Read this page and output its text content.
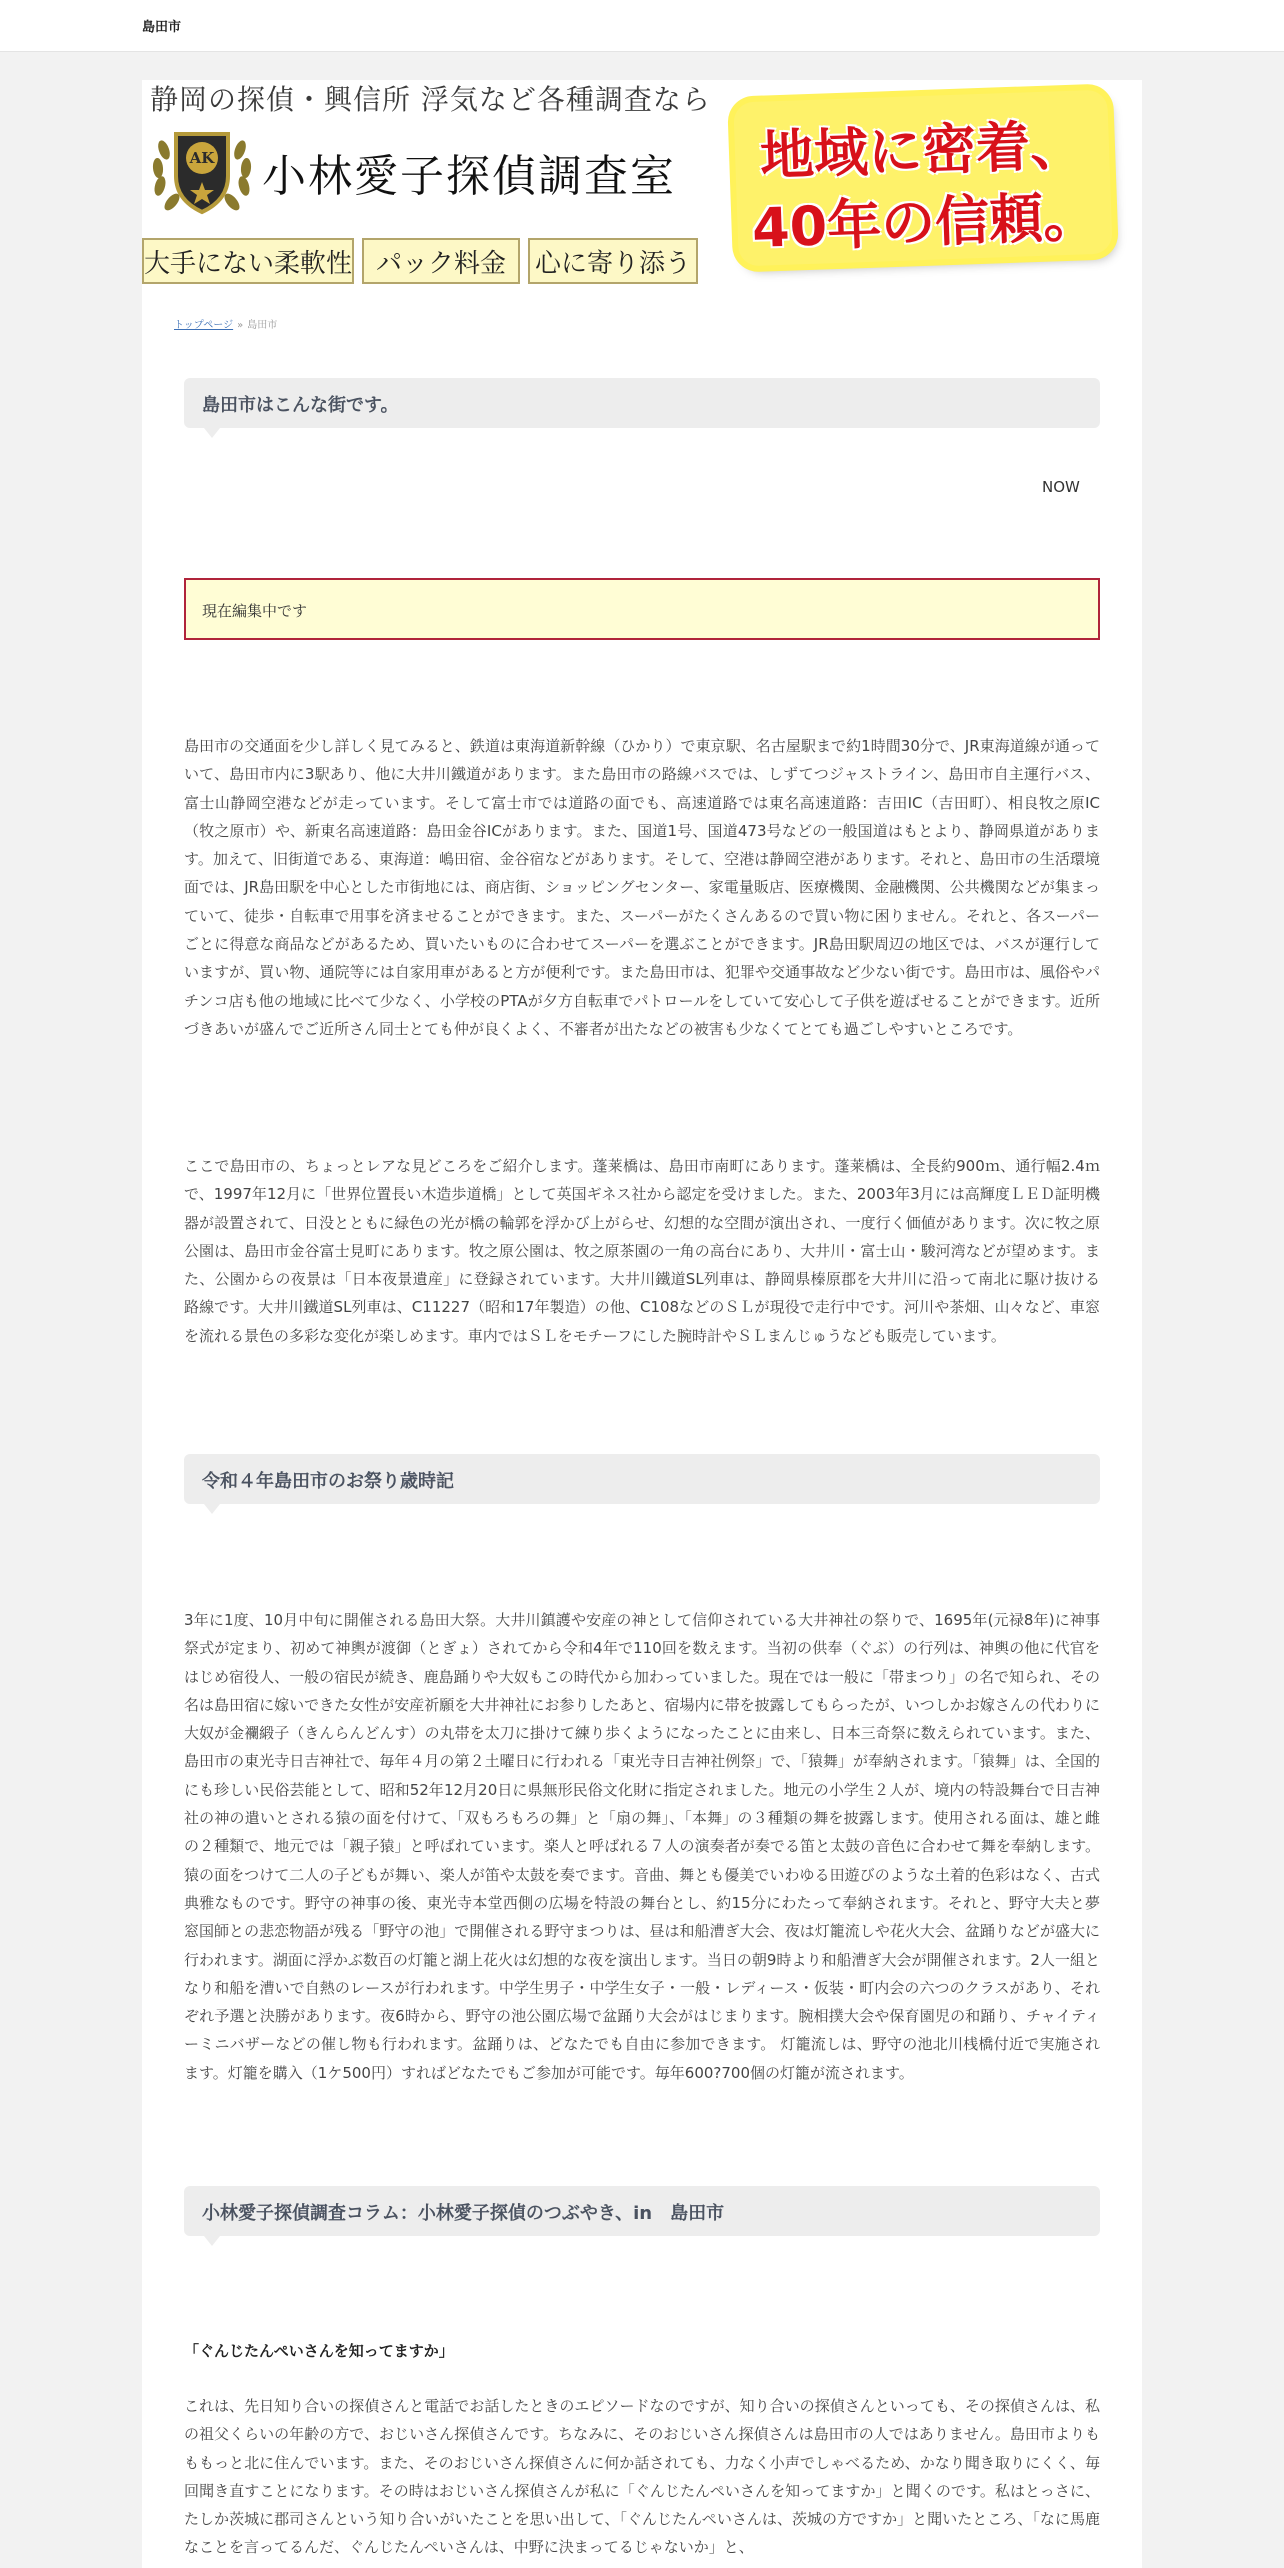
島田市
静岡の探偵・興信所 浮気など各種調査なら
AK 小林愛子探偵調査室
大手にない柔軟性 パック料金	心に寄り添う
地域に密着、
40年の信頼。
トップページ » 島田市
島田市はこんな街です。
NOW
現在編集中です

島田市の交通面を少し詳しく見てみると、鉄道は東海道新幹線（ひかり）で東京駅、名古屋駅まで約1時間30分で、JR東海道線が通っていて、島田市内に3駅あり、他に大井川鐵道があります。また島田市の路線バスでは、しずてつジャストライン、島田市自主運行バス、富士山静岡空港などが走っています。そして富士市では道路の面でも、高速道路では東名高速道路：吉田IC（吉田町）、相良牧之原IC（牧之原市）や、新東名高速道路：島田金谷ICがあります。また、国道1号、国道473号などの一般国道はもとより、静岡県道があります。加えて、旧街道である、東海道：嶋田宿、金谷宿などがあります。そして、空港は静岡空港があります。それと、島田市の生活環境面では、JR島田駅を中心とした市街地には、商店街、ショッピングセンター、家電量販店、医療機関、金融機関、公共機関などが集まっていて、徒歩・自転車で用事を済ませることができます。また、スーパーがたくさんあるので買い物に困りません。それと、各スーパーごとに得意な商品などがあるため、買いたいものに合わせてスーパーを選ぶことができます。JR島田駅周辺の地区では、バスが運行していますが、買い物、通院等には自家用車があると方が便利です。また島田市は、犯罪や交通事故など少ない街です。島田市は、風俗やパチンコ店も他の地域に比べて少なく、小学校のPTAが夕方自転車でパトロールをしていて安心して子供を遊ばせることができます。近所づきあいが盛んでご近所さん同士とても仲が良くよく、不審者が出たなどの被害も少なくてとても過ごしやすいところです。

ここで島田市の、ちょっとレアな見どころをご紹介します。蓬莱橋は、島田市南町にあります。蓬莱橋は、全長約900ｍ、通行幅2.4ｍで、1997年12月に「世界位置長い木造歩道橋」として英国ギネス社から認定を受けました。また、2003年3月には高輝度ＬＥＤ証明機器が設置されて、日没とともに緑色の光が橋の輪郭を浮かび上がらせ、幻想的な空間が演出され、一度行く価値があります。次に牧之原公園は、島田市金谷富士見町にあります。牧之原公園は、牧之原茶園の一角の高台にあり、大井川・富士山・駿河湾などが望めます。また、公園からの夜景は「日本夜景遺産」に登録されています。大井川鐵道SL列車は、静岡県榛原郡を大井川に沿って南北に駆け抜ける路線です。大井川鐵道SL列車は、C11227（昭和17年製造）の他、C108などのＳＬが現役で走行中です。河川や茶畑、山々など、車窓を流れる景色の多彩な変化が楽しめます。車内ではＳＬをモチーフにした腕時計やＳＬまんじゅうなども販売しています。

令和４年島田市のお祭り歳時記

3年に1度、10月中旬に開催される島田大祭。大井川鎮護や安産の神として信仰されている大井神社の祭りで、1695年(元禄8年)に神事祭式が定まり、初めて神輿が渡御（とぎょ）されてから令和4年で110回を数えます。当初の供奉（ぐぶ）の行列は、神輿の他に代官をはじめ宿役人、一般の宿民が続き、鹿島踊りや大奴もこの時代から加わっていました。現在では一般に「帯まつり」の名で知られ、その名は島田宿に嫁いできた女性が安産祈願を大井神社にお参りしたあと、宿場内に帯を披露してもらったが、いつしかお嫁さんの代わりに大奴が金襴緞子（きんらんどんす）の丸帯を太刀に掛けて練り歩くようになったことに由来し、日本三奇祭に数えられています。また、島田市の東光寺日吉神社で、毎年４月の第２土曜日に行われる「東光寺日吉神社例祭」で、「猿舞」が奉納されます。「猿舞」は、全国的にも珍しい民俗芸能として、昭和52年12月20日に県無形民俗文化財に指定されました。地元の小学生２人が、境内の特設舞台で日吉神社の神の遣いとされる猿の面を付けて、「双もろもろの舞」と「扇の舞」、「本舞」の３種類の舞を披露します。使用される面は、雄と雌の２種類で、地元では「親子猿」と呼ばれています。楽人と呼ばれる７人の演奏者が奏でる笛と太鼓の音色に合わせて舞を奉納します。猿の面をつけて二人の子どもが舞い、楽人が笛や太鼓を奏でます。音曲、舞とも優美でいわゆる田遊びのような土着的色彩はなく、古式典雅なものです。野守の神事の後、東光寺本堂西側の広場を特設の舞台とし、約15分にわたって奉納されます。それと、野守大夫と夢窓国師との悲恋物語が残る「野守の池」で開催される野守まつりは、昼は和船漕ぎ大会、夜は灯籠流しや花火大会、盆踊りなどが盛大に行われます。湖面に浮かぶ数百の灯籠と湖上花火は幻想的な夜を演出します。当日の朝9時より和船漕ぎ大会が開催されます。2人一組となり和船を漕いで自熱のレースが行われます。中学生男子・中学生女子・一般・レディース・仮装・町内会の六つのクラスがあり、それぞれ予選と決勝があります。夜6時から、野守の池公園広場で盆踊り大会がはじまります。腕相撲大会や保育園児の和踊り、チャイティーミニバザーなどの催し物も行われます。盆踊りは、どなたでも自由に参加できます。 灯籠流しは、野守の池北川桟橋付近で実施されます。灯籠を購入（1ケ500円）すればどなたでもご参加が可能です。毎年600?700個の灯籠が流されます。

小林愛子探偵調査コラム：小林愛子探偵のつぶやき、in　島田市
「ぐんじたんぺいさんを知ってますか」

これは、先日知り合いの探偵さんと電話でお話したときのエピソードなのですが、知り合いの探偵さんといっても、その探偵さんは、私の祖父くらいの年齢の方で、おじいさん探偵さんです。ちなみに、そのおじいさん探偵さんは島田市の人ではありません。島田市よりもももっと北に住んでいます。また、そのおじいさん探偵さんに何か話されても、力なく小声でしゃべるため、かなり聞き取りにくく、毎回聞き直すことになります。その時はおじいさん探偵さんが私に「ぐんじたんぺいさんを知ってますか」と聞くのです。私はとっさに、たしか茨城に郡司さんという知り合いがいたことを思い出して、「ぐんじたんぺいさんは、茨城の方ですか」と聞いたところ、「なに馬鹿なことを言ってるんだ、ぐんじたんぺいさんは、中野に決まってるじゃないか」と、
